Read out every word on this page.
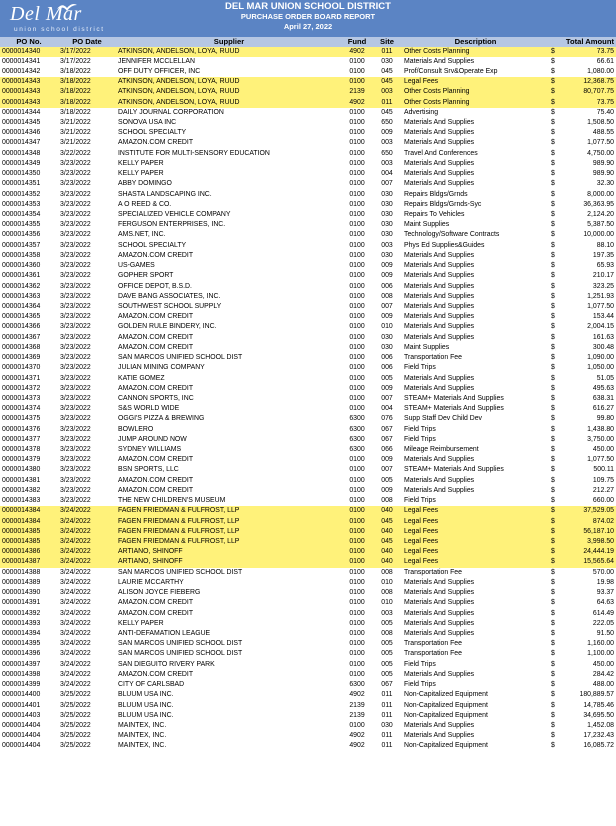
Del Mar
union school district
DEL MAR UNION SCHOOL DISTRICT
PURCHASE ORDER BOARD REPORT
April 27, 2022
PO No.	PO Date	Supplier	Fund	Site	Description	Total Amount
0000014340	3/17/2022	ATKINSON, ANDELSON, LOYA, RUUD	4902	011	Other Costs Planning	$ 73.75
0000014341	3/17/2022	JENNIFER MCCLELLAN	0100	030	Materials And Supplies	$ 66.61
0000014342	3/18/2022	OFF DUTY OFFICER, INC	0100	045	Prof/Consult Srv&Operate Exp	$ 1,080.00
0000014343	3/18/2022	ATKINSON, ANDELSON, LOYA, RUUD	0100	045	Legal Fees	$ 12,368.75
0000014343	3/18/2022	ATKINSON, ANDELSON, LOYA, RUUD	2139	003	Other Costs Planning	$ 80,707.75
0000014343	3/18/2022	ATKINSON, ANDELSON, LOYA, RUUD	4902	011	Other Costs Planning	$ 73.75
0000014344	3/18/2022	DAILY JOURNAL CORPORATION	0100	045	Advertising	$ 75.40
0000014345	3/21/2022	SONOVA USA INC	0100	650	Materials And Supplies	$ 1,508.50
0000014346	3/21/2022	SCHOOL SPECIALTY	0100	009	Materials And Supplies	$ 488.55
0000014347	3/21/2022	AMAZON.COM CREDIT	0100	003	Materials And Supplies	$ 1,077.50
0000014348	3/22/2022	INSTITUTE FOR MULTI-SENSORY EDUCATION	0100	650	Travel And Conferences	$ 4,750.00
0000014349	3/23/2022	KELLY PAPER	0100	003	Materials And Supplies	$ 989.90
0000014350	3/23/2022	KELLY PAPER	0100	004	Materials And Supplies	$ 989.90
0000014351	3/23/2022	ABBY DOMINGO	0100	007	Materials And Supplies	$ 32.30
0000014352	3/23/2022	SHASTA LANDSCAPING INC.	0100	030	Repairs Bldgs/Grnds	$ 8,000.00
0000014353	3/23/2022	A O REED & CO.	0100	030	Repairs Bldgs/Grnds-Syc	$ 36,363.95
0000014354	3/23/2022	SPECIALIZED VEHICLE COMPANY	0100	030	Repairs To Vehicles	$ 2,124.20
0000014355	3/23/2022	FERGUSON ENTERPRISES, INC.	0100	030	Maint Supplies	$ 5,387.50
0000014356	3/23/2022	AMS.NET, INC.	0100	030	Technology/Software Contracts	$ 10,000.00
0000014357	3/23/2022	SCHOOL SPECIALTY	0100	003	Phys Ed Supplies&Guides	$ 88.10
0000014358	3/23/2022	AMAZON.COM CREDIT	0100	030	Materials And Supplies	$ 197.35
0000014360	3/23/2022	US-GAMES	0100	009	Materials And Supplies	$ 65.93
0000014361	3/23/2022	GOPHER SPORT	0100	009	Materials And Supplies	$ 210.17
0000014362	3/23/2022	OFFICE DEPOT, B.S.D.	0100	006	Materials And Supplies	$ 323.25
0000014363	3/23/2022	DAVE BANG ASSOCIATES, INC.	0100	008	Materials And Supplies	$ 1,251.93
0000014364	3/23/2022	SOUTHWEST SCHOOL SUPPLY	0100	007	Materials And Supplies	$ 1,077.50
0000014365	3/23/2022	AMAZON.COM CREDIT	0100	009	Materials And Supplies	$ 153.44
0000014366	3/23/2022	GOLDEN RULE BINDERY, INC.	0100	010	Materials And Supplies	$ 2,004.15
0000014367	3/23/2022	AMAZON.COM CREDIT	0100	030	Materials And Supplies	$ 161.63
0000014368	3/23/2022	AMAZON.COM CREDIT	0100	030	Maint Supplies	$ 300.48
0000014369	3/23/2022	SAN MARCOS UNIFIED SCHOOL DIST	0100	006	Transportation Fee	$ 1,090.00
0000014370	3/23/2022	JULIAN MINING COMPANY	0100	006	Field Trips	$ 1,050.00
0000014371	3/23/2022	KATIE GOMEZ	0100	005	Materials And Supplies	$ 51.05
0000014372	3/23/2022	AMAZON.COM CREDIT	0100	009	Materials And Supplies	$ 495.63
0000014373	3/23/2022	CANNON SPORTS, INC	0100	007	STEAM+ Materials And Supplies	$ 638.31
0000014374	3/23/2022	S&S WORLD WIDE	0100	004	STEAM+ Materials And Supplies	$ 616.27
0000014375	3/23/2022	OGGI'S PIZZA & BREWING	6300	076	Supp Staff Dev Child Dev	$ 99.80
0000014376	3/23/2022	BOWLERO	6300	067	Field Trips	$ 1,438.80
0000014377	3/23/2022	JUMP AROUND NOW	6300	067	Field Trips	$ 3,750.00
0000014378	3/23/2022	SYDNEY WILLIAMS	6300	066	Mileage Reimbursement	$ 450.00
0000014379	3/23/2022	AMAZON.COM CREDIT	0100	009	Materials And Supplies	$ 1,077.50
0000014380	3/23/2022	BSN SPORTS, LLC	0100	007	STEAM+ Materials And Supplies	$ 500.11
0000014381	3/23/2022	AMAZON.COM CREDIT	0100	005	Materials And Supplies	$ 109.75
0000014382	3/23/2022	AMAZON.COM CREDIT	0100	009	Materials And Supplies	$ 212.27
0000014383	3/23/2022	THE NEW CHILDREN'S MUSEUM	0100	008	Field Trips	$ 660.00
0000014384	3/24/2022	FAGEN FRIEDMAN & FULFROST, LLP	0100	040	Legal Fees	$ 37,529.05
0000014384	3/24/2022	FAGEN FRIEDMAN & FULFROST, LLP	0100	045	Legal Fees	$ 874.02
0000014385	3/24/2022	FAGEN FRIEDMAN & FULFROST, LLP	0100	040	Legal Fees	$ 56,187.10
0000014385	3/24/2022	FAGEN FRIEDMAN & FULFROST, LLP	0100	045	Legal Fees	$ 3,998.50
0000014386	3/24/2022	ARTIANO, SHINOFF	0100	040	Legal Fees	$ 24,444.19
0000014387	3/24/2022	ARTIANO, SHINOFF	0100	040	Legal Fees	$ 15,565.64
0000014388	3/24/2022	SAN MARCOS UNIFIED SCHOOL DIST	0100	008	Transportation Fee	$ 570.00
0000014389	3/24/2022	LAURIE MCCARTHY	0100	010	Materials And Supplies	$ 19.98
0000014390	3/24/2022	ALISON JOYCE FIEBERG	0100	008	Materials And Supplies	$ 93.37
0000014391	3/24/2022	AMAZON.COM CREDIT	0100	010	Materials And Supplies	$ 64.63
0000014392	3/24/2022	AMAZON.COM CREDIT	0100	003	Materials And Supplies	$ 614.49
0000014393	3/24/2022	KELLY PAPER	0100	005	Materials And Supplies	$ 222.05
0000014394	3/24/2022	ANTI-DEFAMATION LEAGUE	0100	008	Materials And Supplies	$ 91.50
0000014395	3/24/2022	SAN MARCOS UNIFIED SCHOOL DIST	0100	005	Transportation Fee	$ 1,160.00
0000014396	3/24/2022	SAN MARCOS UNIFIED SCHOOL DIST	0100	005	Transportation Fee	$ 1,100.00
0000014397	3/24/2022	SAN DIEGUITO RIVERY PARK	0100	005	Field Trips	$ 450.00
0000014398	3/24/2022	AMAZON.COM CREDIT	0100	005	Materials And Supplies	$ 284.42
0000014399	3/24/2022	CITY OF CARLSBAD	6300	067	Field Trips	$ 488.00
0000014400	3/25/2022	BLUUM USA INC.	4902	011	Non-Capitalized Equipment	$ 180,889.57
0000014401	3/25/2022	BLUUM USA INC.	2139	011	Non-Capitalized Equipment	$ 14,785.46
0000014403	3/25/2022	BLUUM USA INC.	2139	011	Non-Capitalized Equipment	$ 34,695.50
0000014404	3/25/2022	MAINTEX, INC.	0100	030	Materials And Supplies	$ 1,452.08
0000014404	3/25/2022	MAINTEX, INC.	4902	011	Materials And Supplies	$ 17,232.43
0000014404	3/25/2022	MAINTEX, INC.	4902	011	Non-Capitalized Equipment	$ 16,085.72
